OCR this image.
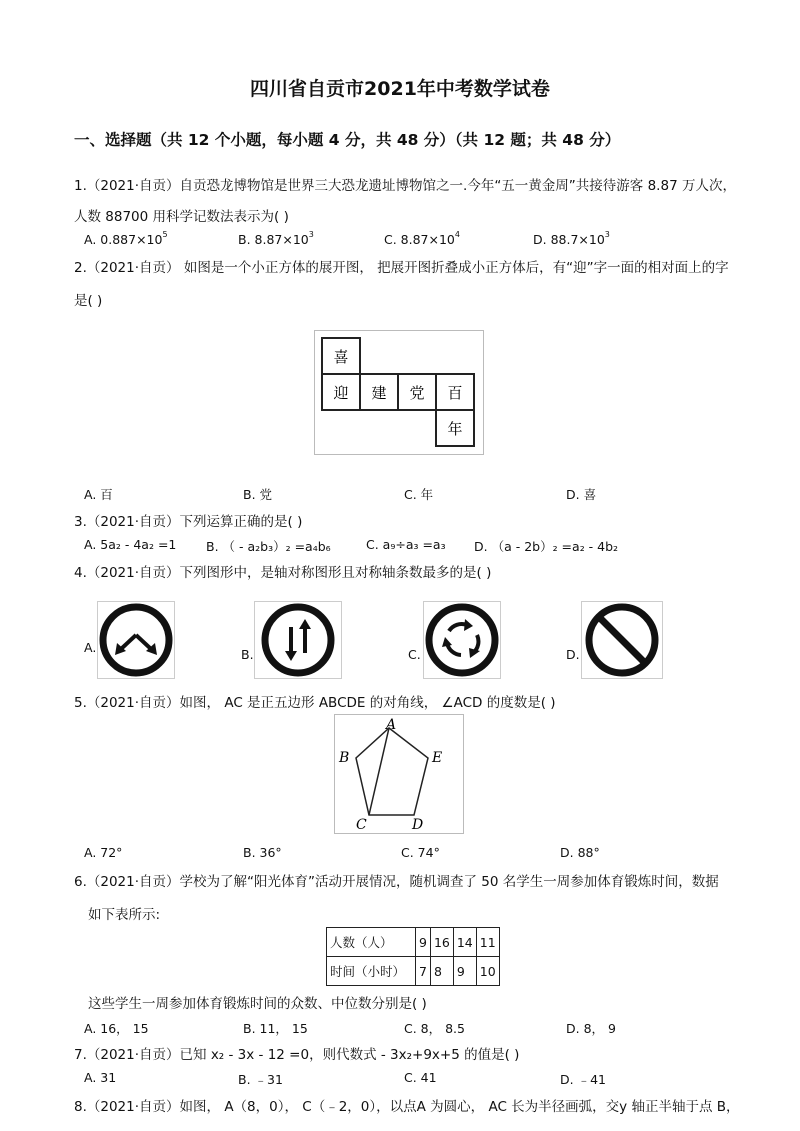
四川省自贡市2021年中考数学试卷
一、选择题（共 12 个小题，每小题 4 分，共 48 分）（共 12 题；共 48 分）
1.（2021·自贡）自贡恐龙博物馆是世界三大恐龙遗址博物馆之一.今年“五一黄金周”共接待游客 8.87 万人次，
人数 88700 用科学记数法表示为( )
A. $0.887\times 10^5$	B. $8.87\times 10^3$	C. $8.87\times 10^4$	D. $88.7\times 10^3$
2.（2021·自贡） 如图是一个小正方体的展开图， 把展开图折叠成小正方体后，有“迎”字一面的相对面上的字
是( )
喜
迎 建 党 百
年
A. 百	B. 党	C. 年	D. 喜
3.（2021·自贡）下列运算正确的是( )
A. 5a₂ - 4a₂ =1 B. （ - a₂b₃）₂ =a₄b₆	C. a₉÷a₃ =a₃ D. （a - 2b）₂ =a₂ - 4b₂
4.（2021·自贡）下列图形中，是轴对称图形且对称轴条数最多的是( )
A.	B.	C.	D.
5.（2021·自贡）如图， AC 是正五边形 ABCDE 的对角线， ∠ACD 的度数是( )
A
B
C	D
E
A. 72°	B. 36°	C. 74°	D. 88°
6.（2021·自贡）学校为了解“阳光体育”活动开展情况，随机调查了 50 名学生一周参加体育锻炼时间，数据
如下表所示:
人数（人）	9	16	14	11
时间（小时）	7	8	9	10
这些学生一周参加体育锻炼时间的众数、中位数分别是( )
A. 16， 15	B. 11， 15	C. 8， 8.5	D. 8， 9
7.（2021·自贡）已知 x₂ - 3x - 12 =0，则代数式 - 3x₂+9x+5 的值是( )
A. 31	B. ﹣31	C. 41	D. ﹣41
8.（2021·自贡）如图， A（8，0）， C（﹣2，0），以点A 为圆心， AC 长为半径画弧，交y 轴正半轴于点 B，
